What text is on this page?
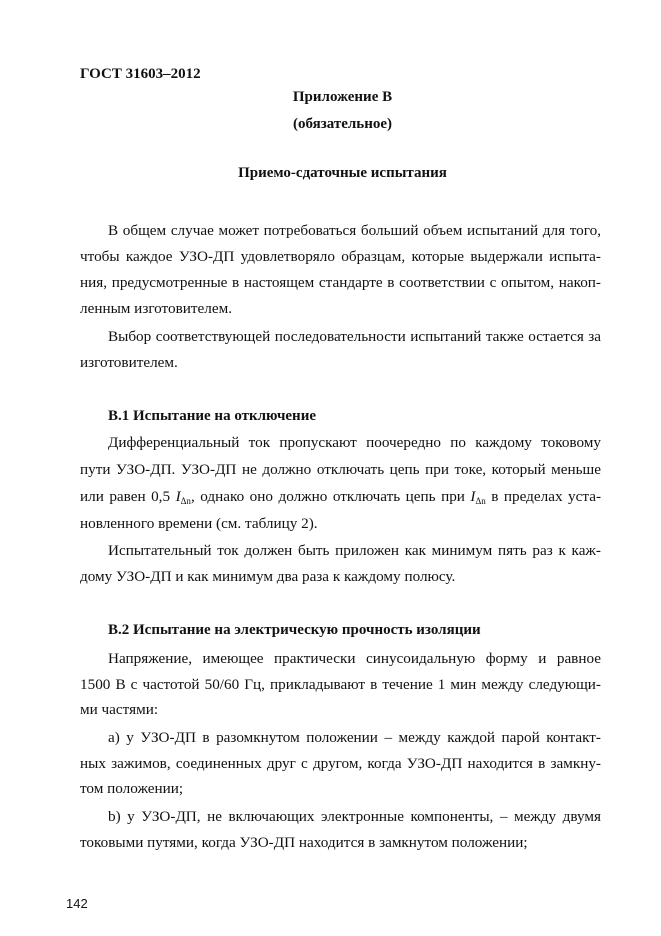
ГОСТ 31603–2012

Приложение В

(обязательное)

Приемо-сдаточные испытания

В общем случае может потребоваться больший объем испытаний для того,

чтобы каждое УЗО-ДП удовлетворяло образцам, которые выдержали испыта-

ния, предусмотренные в настоящем стандарте в соответствии с опытом, накоп-

ленным изготовителем.

Выбор соответствующей последовательности испытаний также остается за

изготовителем.

В.1 Испытание на отключение

Дифференциальный ток пропускают поочередно по каждому токовому

пути УЗО-ДП. УЗО-ДП не должно отключать цепь при токе, который меньше

или равен 0,5 IΔn, однако оно должно отключать цепь при IΔn в пределах уста-

новленного времени (см. таблицу 2).

Испытательный ток должен быть приложен как минимум пять раз к каж-

дому УЗО-ДП и как минимум два раза к каждому полюсу.

В.2 Испытание на электрическую прочность изоляции

Напряжение, имеющее практически синусоидальную форму и равное

1500 В с частотой 50/60 Гц, прикладывают в течение 1 мин между следующи-

ми частями:

a) у УЗО-ДП в разомкнутом положении – между каждой парой контакт-

ных зажимов, соединенных друг с другом, когда УЗО-ДП находится в замкну-

том положении;

b) у УЗО-ДП, не включающих электронные компоненты, – между двумя

токовыми путями, когда УЗО-ДП находится в замкнутом положении;

142
